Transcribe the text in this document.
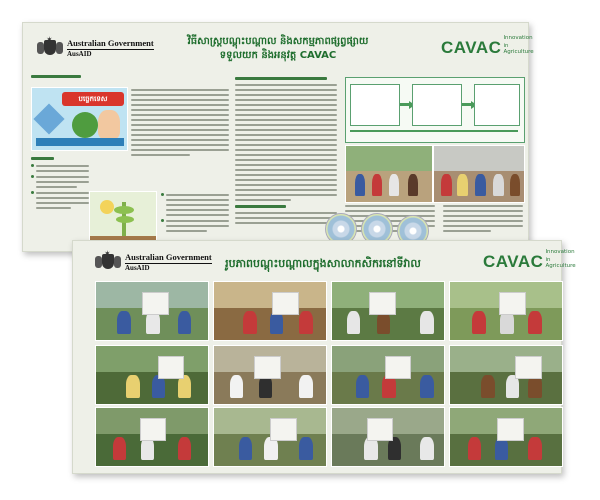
✶ Australian Government
AusAID
វិធីសាស្ត្របណ្តុះបណ្តាល និងសកម្មភាពផ្សព្វផ្សាយ
ទទួលយក និងអនុវត្ត CAVAC	CAVAC Innovation
in Agriculture
បច្ចេកទេស
✶ Australian Government
AusAID	រូបភាពបណ្តុះបណ្តាលក្នុងសាលាកសិករនៅទីវាល	CAVAC Innovation
in Agriculture
